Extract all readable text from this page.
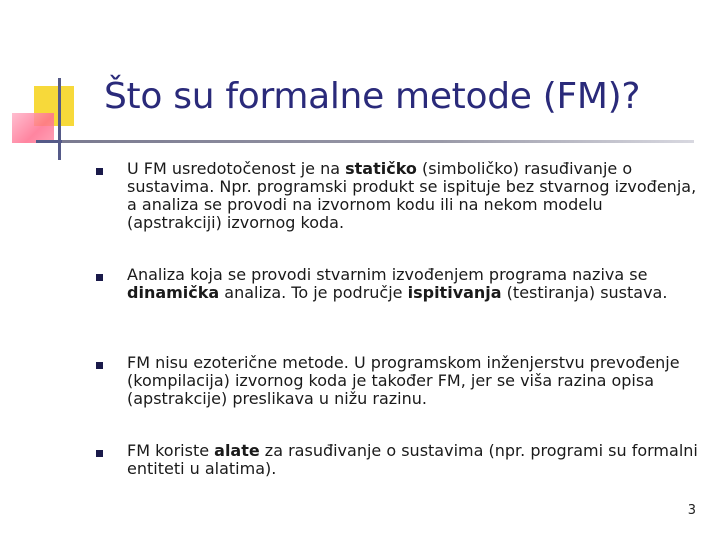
Što su formalne metode (FM)?
U FM usredotočenost je na statičko (simboličko) rasuđivanje o sustavima. Npr. programski produkt se ispituje bez stvarnog izvođenja, a analiza se provodi na izvornom kodu ili na nekom modelu (apstrakciji) izvornog koda.
Analiza koja se provodi stvarnim izvođenjem programa naziva se dinamička analiza. To je područje ispitivanja (testiranja) sustava.
FM nisu ezoterične metode. U programskom inženjerstvu prevođenje (kompilacija) izvornog koda je također FM, jer se viša razina opisa (apstrakcije) preslikava u nižu razinu.
FM koriste alate za rasuđivanje o sustavima (npr. programi su formalni entiteti u alatima).
3
